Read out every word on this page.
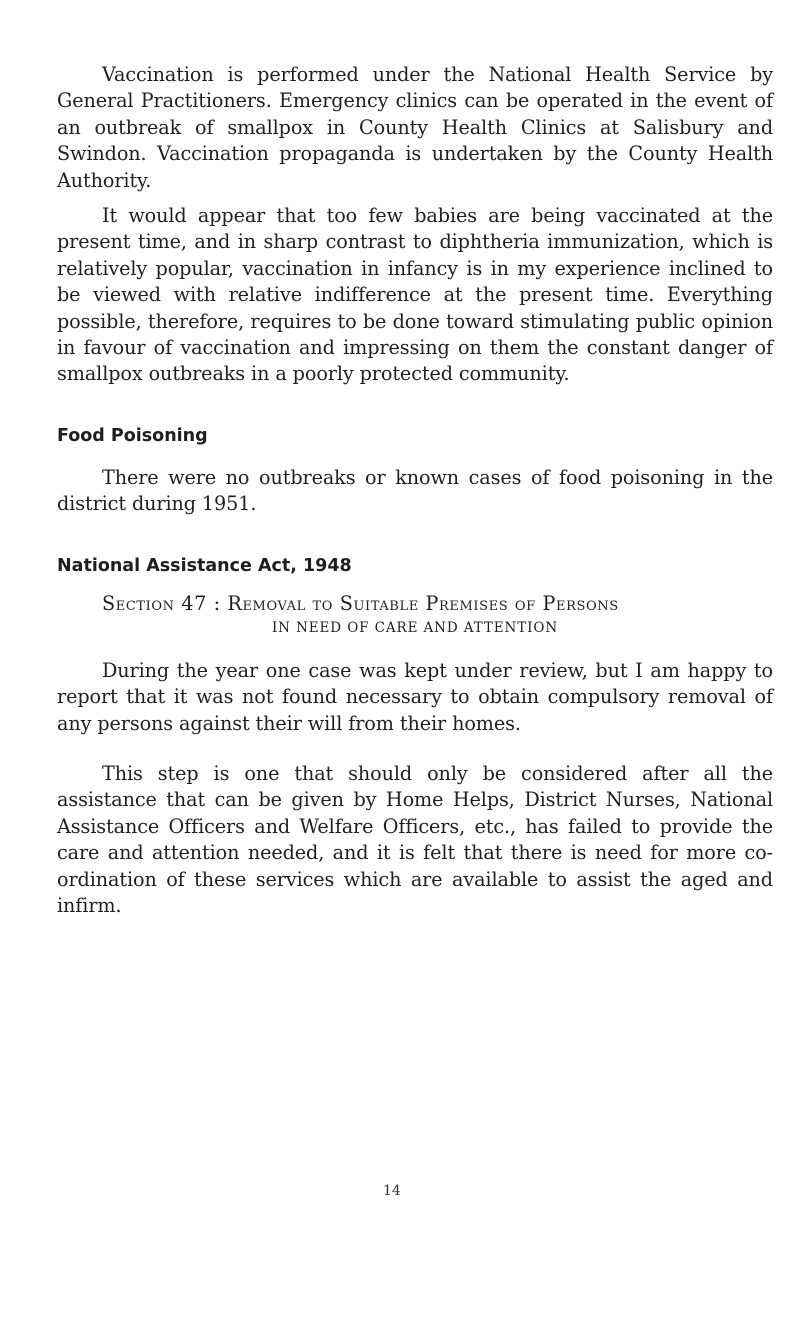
Vaccination is performed under the National Health Service by General Practitioners. Emergency clinics can be operated in the event of an outbreak of smallpox in County Health Clinics at Salisbury and Swindon. Vaccination propaganda is undertaken by the County Health Authority.

It would appear that too few babies are being vaccinated at the present time, and in sharp contrast to diphtheria immunization, which is relatively popular, vaccination in infancy is in my experience inclined to be viewed with relative indifference at the present time. Everything possible, therefore, requires to be done toward stimulating public opinion in favour of vaccination and impressing on them the constant danger of smallpox outbreaks in a poorly protected community.

Food Poisoning

There were no outbreaks or known cases of food poisoning in the district during 1951.

National Assistance Act, 1948
Section 47 : Removal to Suitable Premises of Persons
IN NEED OF CARE AND ATTENTION

During the year one case was kept under review, but I am happy to report that it was not found necessary to obtain compulsory removal of any persons against their will from their homes.

This step is one that should only be considered after all the assistance that can be given by Home Helps, District Nurses, National Assistance Officers and Welfare Officers, etc., has failed to provide the care and attention needed, and it is felt that there is need for more co-ordination of these services which are available to assist the aged and infirm.

14
